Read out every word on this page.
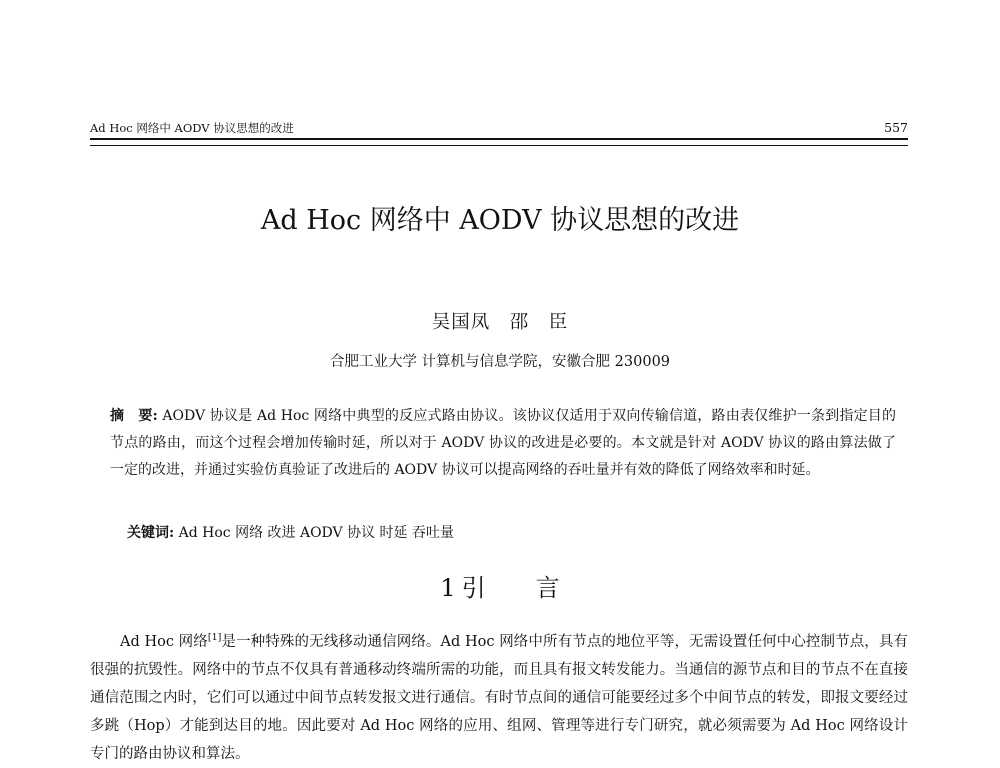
Ad Hoc 网络中 AODV 协议思想的改进	557
Ad Hoc 网络中 AODV 协议思想的改进
吴国凤　邵　臣
合肥工业大学 计算机与信息学院，安徽合肥 230009
摘　要: AODV 协议是 Ad Hoc 网络中典型的反应式路由协议。该协议仅适用于双向传输信道，路由表仅维护一条到指定目的节点的路由，而这个过程会增加传输时延，所以对于 AODV 协议的改进是必要的。本文就是针对 AODV 协议的路由算法做了一定的改进，并通过实验仿真验证了改进后的 AODV 协议可以提高网络的吞吐量并有效的降低了网络效率和时延。
关键词: Ad Hoc 网络 改进 AODV 协议 时延 吞吐量
1 引 言
Ad Hoc 网络[1]是一种特殊的无线移动通信网络。Ad Hoc 网络中所有节点的地位平等，无需设置任何中心控制节点，具有很强的抗毁性。网络中的节点不仅具有普通移动终端所需的功能，而且具有报文转发能力。当通信的源节点和目的节点不在直接通信范围之内时，它们可以通过中间节点转发报文进行通信。有时节点间的通信可能要经过多个中间节点的转发，即报文要经过多跳（Hop）才能到达目的地。因此要对 Ad Hoc 网络的应用、组网、管理等进行专门研究，就必须需要为 Ad Hoc 网络设计专门的路由协议和算法。
